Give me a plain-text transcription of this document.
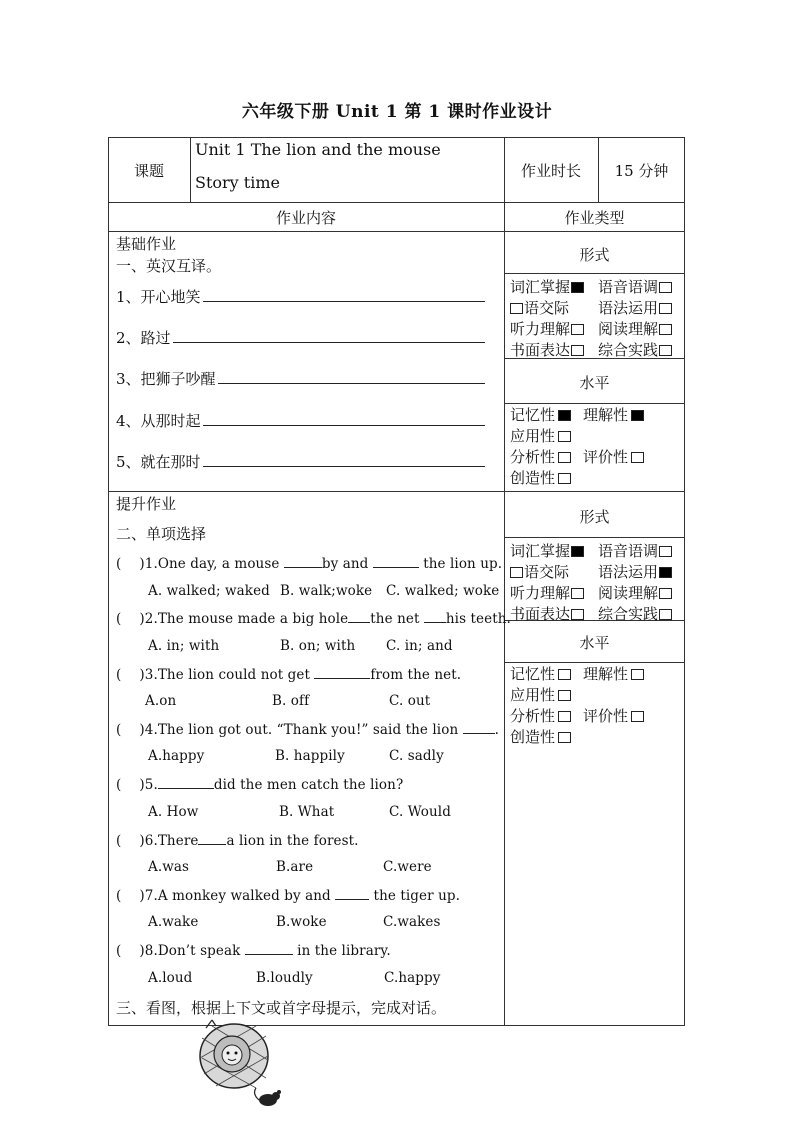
六年级下册 Unit 1 第 1 课时作业设计
课题
Unit 1 The lion and the mouse
Story time
作业时长	15 分钟
作业内容	作业类型
基础作业
一、英汉互译。
1、开心地笑
2、路过
3、把狮子吵醒
4、从那时起
5、就在那时
形式
词汇掌握	语音语调
语交际 语法运用
听力理解	阅读理解
书面表达	综合实践
水平
记忆性	理解性
应用性
分析性	评价性
创造性
提升作业
二、单项选择
( )1.One day, a mouse	by and	the lion up.
A. walked; waked B. walk;woke C. walked; woke
( )2.The mouse made a big hole the net his teeth.
A. in; with	B. on; with C. in; and
( )3.The lion could not get	from the net.
A.on	B. off	C. out
( )4.The lion got out. “Thank you!” said the lion .
A.happy	B. happily	C. sadly
( )5.	did the men catch the lion?
A. How	B. What	C. Would
( )6.There a lion in the forest.
A.was	B.are	C.were
( )7.A monkey walked by and	the tiger up.
A.wake	B.woke	C.wakes
( )8.Don’t speak	in the library.
A.loud	B.loudly	C.happy
三、看图，根据上下文或首字母提示，完成对话。
形式
词汇掌握	语音语调
语交际 语法运用
听力理解	阅读理解
书面表达	综合实践
水平
记忆性	理解性
应用性
分析性	评价性
创造性
